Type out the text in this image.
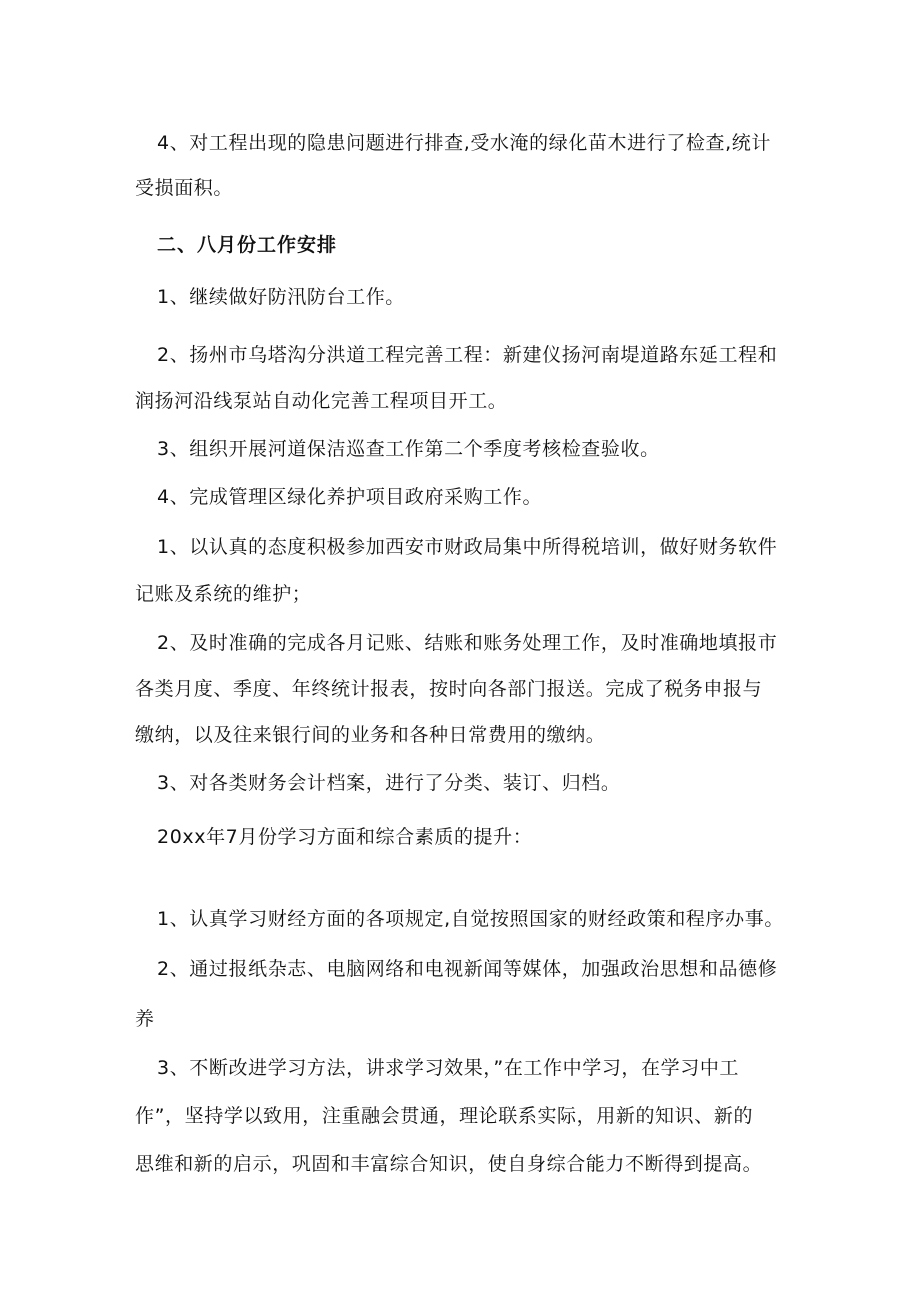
4、对工程出现的隐患问题进行排查,受水淹的绿化苗木进行了检查,统计
受损面积。
二、八月份工作安排
1、继续做好防汛防台工作。
2、扬州市乌塔沟分洪道工程完善工程：新建仪扬河南堤道路东延工程和
润扬河沿线泵站自动化完善工程项目开工。
3、组织开展河道保洁巡查工作第二个季度考核检查验收。
4、完成管理区绿化养护项目政府采购工作。
1、以认真的态度积极参加西安市财政局集中所得税培训，做好财务软件
记账及系统的维护；
2、及时准确的完成各月记账、结账和账务处理工作，及时准确地填报市
各类月度、季度、年终统计报表，按时向各部门报送。完成了税务申报与
缴纳，以及往来银行间的业务和各种日常费用的缴纳。
3、对各类财务会计档案，进行了分类、装订、归档。
20xx年7月份学习方面和综合素质的提升：
1、认真学习财经方面的各项规定,自觉按照国家的财经政策和程序办事。
2、通过报纸杂志、电脑网络和电视新闻等媒体，加强政治思想和品德修
养
3、不断改进学习方法，讲求学习效果，”在工作中学习，在学习中工
作”，坚持学以致用，注重融会贯通，理论联系实际，用新的知识、新的
思维和新的启示，巩固和丰富综合知识，使自身综合能力不断得到提高。
